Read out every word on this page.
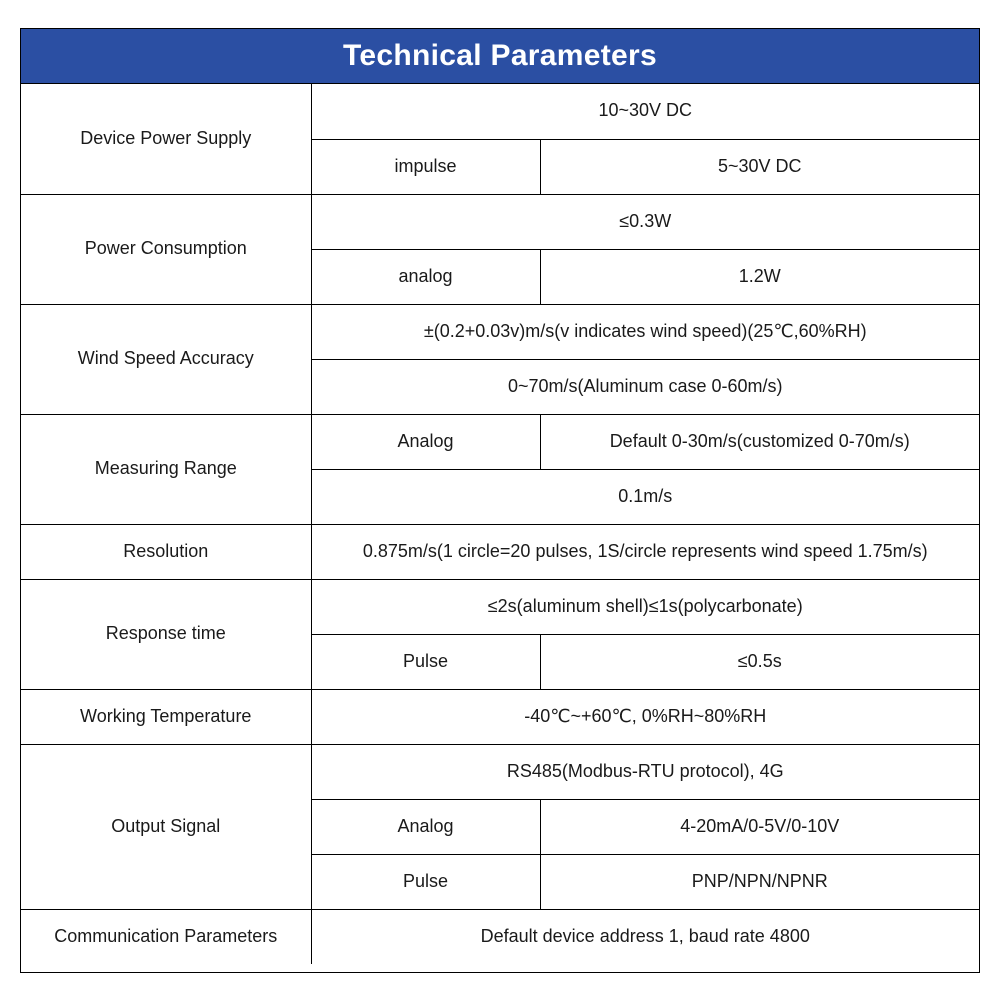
Technical Parameters
Device Power Supply	10~30V DC	
	impulse	5~30V DC
Power Consumption	≤0.3W	
	analog	1.2W
Wind Speed Accuracy	±(0.2+0.03v)m/s(v indicates wind speed)(25℃,60%RH)	
	0~70m/s(Aluminum case 0-60m/s)	
Measuring Range	Analog	Default 0-30m/s(customized 0-70m/s)
	0.1m/s	
Resolution	0.875m/s(1 circle=20 pulses, 1S/circle represents wind speed 1.75m/s)	
Response time	≤2s(aluminum shell)≤1s(polycarbonate)	
	Pulse	≤0.5s
Working Temperature	-40℃~+60℃, 0%RH~80%RH	
Output Signal	RS485(Modbus-RTU protocol), 4G	
	Analog	4-20mA/0-5V/0-10V
	Pulse	PNP/NPN/NPNR
Communication Parameters	Default device address 1, baud rate 4800	
